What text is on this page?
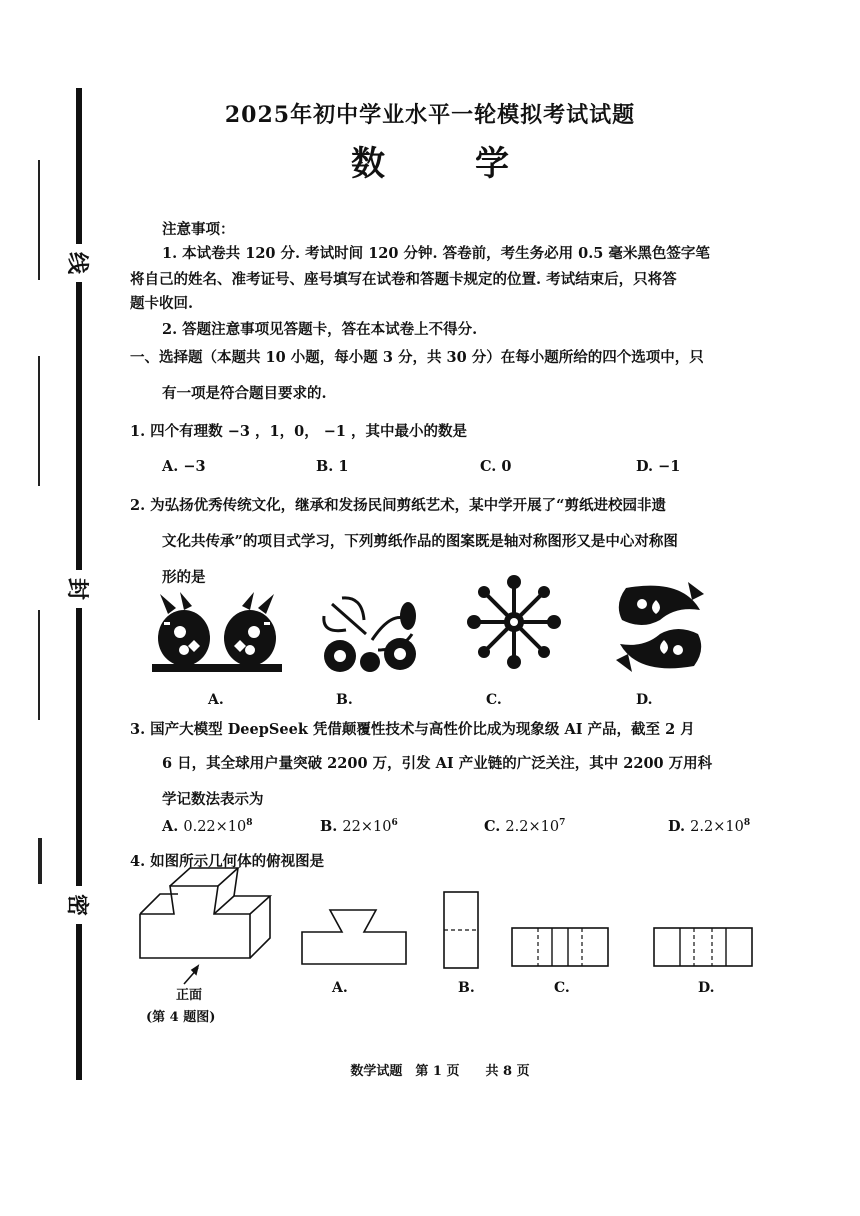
线
封
密
2025年初中学业水平一轮模拟考试试题
数　学
注意事项：
1. 本试卷共 120 分. 考试时间 120 分钟. 答卷前，考生务必用 0.5 毫米黑色签字笔
将自己的姓名、准考证号、座号填写在试卷和答题卡规定的位置. 考试结束后，只将答
题卡收回.
2. 答题注意事项见答题卡，答在本试卷上不得分.
一、选择题（本题共 10 小题，每小题 3 分，共 30 分）在每小题所给的四个选项中，只
有一项是符合题目要求的.
1. 四个有理数 −3 ，1，0， −1 ，其中最小的数是
A. −3	B. 1	C. 0	D. −1
2. 为弘扬优秀传统文化，继承和发扬民间剪纸艺术，某中学开展了“剪纸进校园非遗
文化共传承”的项目式学习，下列剪纸作品的图案既是轴对称图形又是中心对称图
形的是
A.	B.	C.	D.
3. 国产大模型 DeepSeek 凭借颠覆性技术与高性价比成为现象级 AI 产品，截至 2 月
6 日，其全球用户量突破 2200 万，引发 AI 产业链的广泛关注，其中 2200 万用科
学记数法表示为
A. $0.22\times 10^8$	B. $22\times 10^6$	C. $2.2\times 10^7$	D. $2.2\times 10^8$
4. 如图所示几何体的俯视图是
正面
(第 4 题图)
A.	B.	C.	D.
数学试题　第 1 页　　共 8 页
